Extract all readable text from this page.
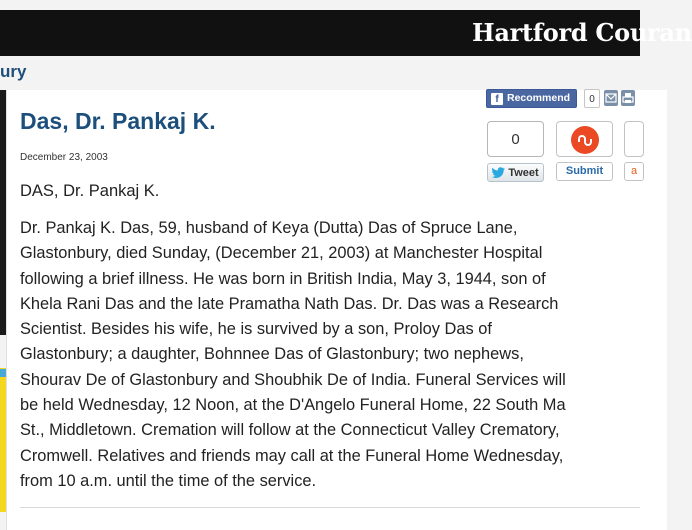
Hartford Couran
ury
Das, Dr. Pankaj K.
December 23, 2003
DAS, Dr. Pankaj K.
Dr. Pankaj K. Das, 59, husband of Keya (Dutta) Das of Spruce Lane,
Glastonbury, died Sunday, (December 21, 2003) at Manchester Hospital
following a brief illness. He was born in British India, May 3, 1944, son of
Khela Rani Das and the late Pramatha Nath Das. Dr. Das was a Research
Scientist. Besides his wife, he is survived by a son, Proloy Das of
Glastonbury; a daughter, Bohnnee Das of Glastonbury; two nephews,
Shourav De of Glastonbury and Shoubhik De of India. Funeral Services will
be held Wednesday, 12 Noon, at the D'Angelo Funeral Home, 22 South Ma
St., Middletown. Cremation will follow at the Connecticut Valley Crematory,
Cromwell. Relatives and friends may call at the Funeral Home Wednesday,
from 10 a.m. until the time of the service.
f Recommend	0
0
Tweet	Submit	a
